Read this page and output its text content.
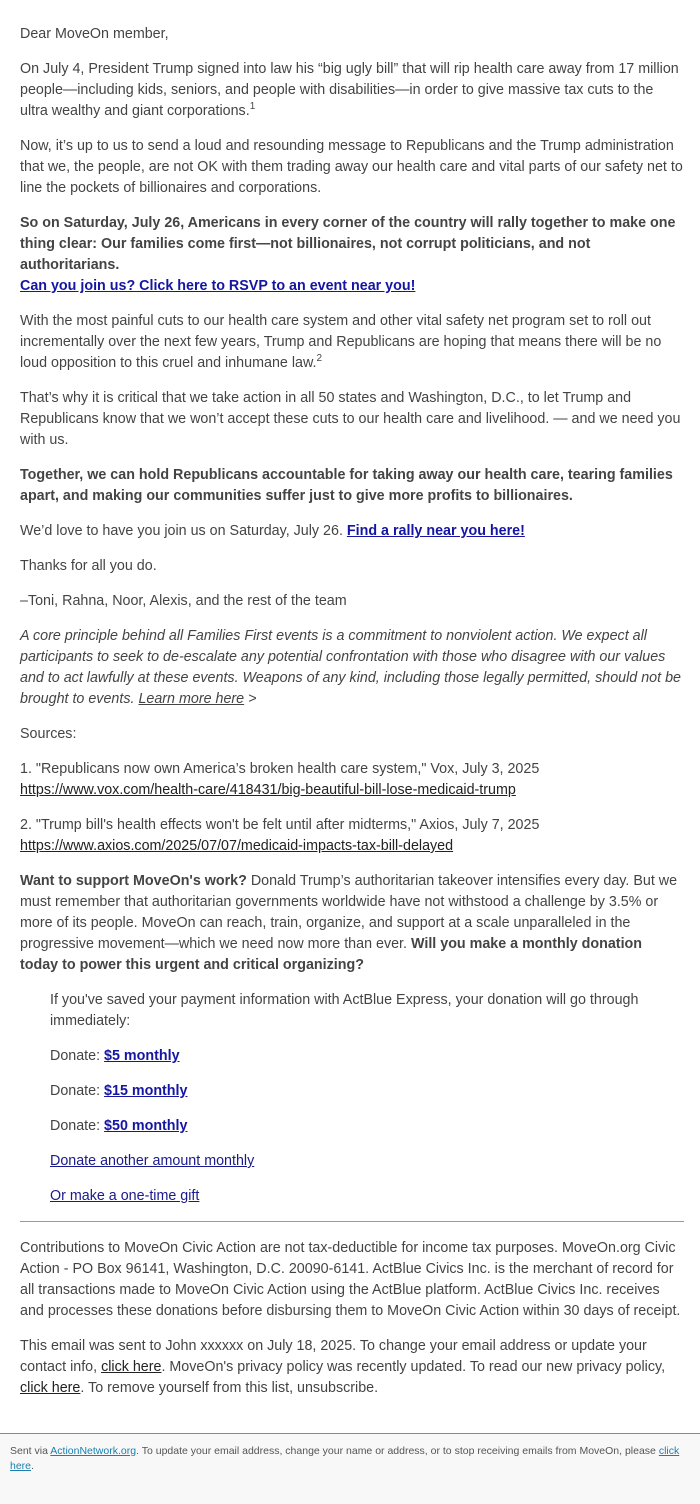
Dear MoveOn member,

On July 4, President Trump signed into law his “big ugly bill” that will rip health care away from 17 million people—including kids, seniors, and people with disabilities—in order to give massive tax cuts to the ultra wealthy and giant corporations.$^1$

Now, it’s up to us to send a loud and resounding message to Republicans and the Trump administration that we, the people, are not OK with them trading away our health care and vital parts of our safety net to line the pockets of billionaires and corporations.

So on Saturday, July 26, Americans in every corner of the country will rally together to make one thing clear: Our families come first—not billionaires, not corrupt politicians, and not authoritarians.
Can you join us? Click here to RSVP to an event near you!

With the most painful cuts to our health care system and other vital safety net program set to roll out incrementally over the next few years, Trump and Republicans are hoping that means there will be no loud opposition to this cruel and inhumane law.$^2$

That’s why it is critical that we take action in all 50 states and Washington, D.C., to let Trump and Republicans know that we won’t accept these cuts to our health care and livelihood. — and we need you with us.

Together, we can hold Republicans accountable for taking away our health care, tearing families apart, and making our communities suffer just to give more profits to billionaires.

We’d love to have you join us on Saturday, July 26. Find a rally near you here!

Thanks for all you do.

–Toni, Rahna, Noor, Alexis, and the rest of the team

A core principle behind all Families First events is a commitment to nonviolent action. We expect all participants to seek to de-escalate any potential confrontation with those who disagree with our values and to act lawfully at these events. Weapons of any kind, including those legally permitted, should not be brought to events. Learn more here >

Sources:

1. "Republicans now own America’s broken health care system," Vox, July 3, 2025
https://www.vox.com/health-care/418431/big-beautiful-bill-lose-medicaid-trump

2. "Trump bill's health effects won't be felt until after midterms," Axios, July 7, 2025
https://www.axios.com/2025/07/07/medicaid-impacts-tax-bill-delayed

Want to support MoveOn's work? Donald Trump’s authoritarian takeover intensifies every day. But we must remember that authoritarian governments worldwide have not withstood a challenge by 3.5% or more of its people. MoveOn can reach, train, organize, and support at a scale unparalleled in the progressive movement—which we need now more than ever. Will you make a monthly donation today to power this urgent and critical organizing?

If you've saved your payment information with ActBlue Express, your donation will go through immediately:

Donate: $5 monthly

Donate: $15 monthly

Donate: $50 monthly

Donate another amount monthly

Or make a one-time gift

Contributions to MoveOn Civic Action are not tax-deductible for income tax purposes. MoveOn.org Civic Action - PO Box 96141, Washington, D.C. 20090-6141. ActBlue Civics Inc. is the merchant of record for all transactions made to MoveOn Civic Action using the ActBlue platform. ActBlue Civics Inc. receives and processes these donations before disbursing them to MoveOn Civic Action within 30 days of receipt.

This email was sent to John xxxxxx on July 18, 2025. To change your email address or update your contact info, click here. MoveOn's privacy policy was recently updated. To read our new privacy policy, click here. To remove yourself from this list, unsubscribe.

Sent via ActionNetwork.org. To update your email address, change your name or address, or to stop receiving emails from MoveOn, please click here.
